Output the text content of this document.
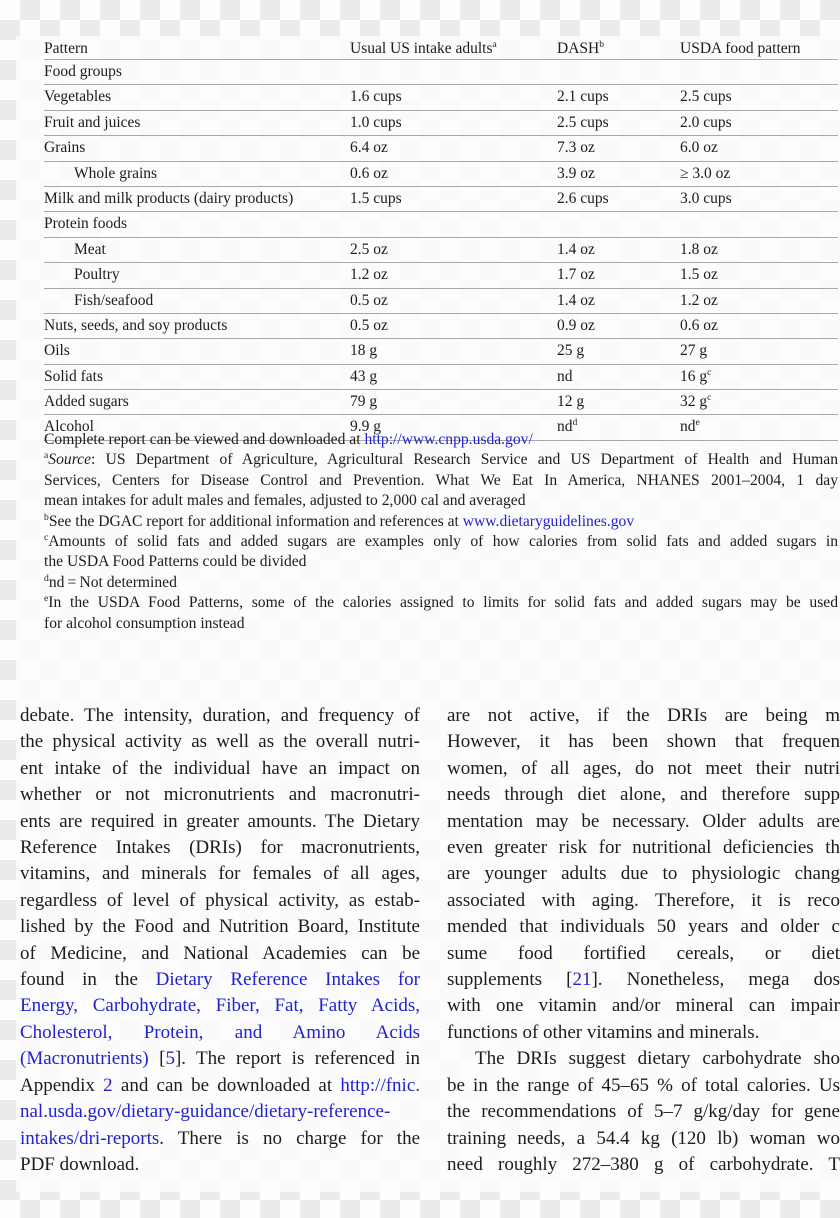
Pattern	Usual US intake adults$^a$	DASH$^b$	USDA food pattern
Food groups
Vegetables	1.6 cups	2.1 cups	2.5 cups
Fruit and juices	1.0 cups	2.5 cups	2.0 cups
Grains	6.4 oz	7.3 oz	6.0 oz
Whole grains	0.6 oz	3.9 oz	≥ 3.0 oz
Milk and milk products (dairy products)	1.5 cups	2.6 cups	3.0 cups
Protein foods
Meat	2.5 oz	1.4 oz	1.8 oz
Poultry	1.2 oz	1.7 oz	1.5 oz
Fish/seafood	0.5 oz	1.4 oz	1.2 oz
Nuts, seeds, and soy products	0.5 oz	0.9 oz	0.6 oz
Oils	18 g	25 g	27 g
Solid fats	43 g	nd	16 $g^c$
Added sugars	79 g	12 g	32 $g^c$
Alcohol	9.9 g	$nd^d$	$nd^e$
Complete report can be viewed and downloaded at http://www.cnpp.usda.gov/
$^a$Source: US Department of Agriculture, Agricultural Research Service and US Department of Health and Human
Services, Centers for Disease Control and Prevention. What We Eat In America, NHANES 2001–2004, 1 day
mean intakes for adult males and females, adjusted to 2,000 cal and averaged
$^b$See the DGAC report for additional information and references at www.dietaryguidelines.gov
$^c$Amounts of solid fats and added sugars are examples only of how calories from solid fats and added sugars in
the USDA Food Patterns could be divided
$^d$nd = Not determined
$^e$In the USDA Food Patterns, some of the calories assigned to limits for solid fats and added sugars may be used
for alcohol consumption instead
debate. The intensity, duration, and frequency of
the physical activity as well as the overall nutri-
ent intake of the individual have an impact on
whether or not micronutrients and macronutri-
ents are required in greater amounts. The Dietary
Reference Intakes (DRIs) for macronutrients,
vitamins, and minerals for females of all ages,
regardless of level of physical activity, as estab-
lished by the Food and Nutrition Board, Institute
of Medicine, and National Academies can be
found in the Dietary Reference Intakes for
Energy, Carbohydrate, Fiber, Fat, Fatty Acids,
Cholesterol, Protein, and Amino Acids
(Macronutrients) [5]. The report is referenced in
Appendix 2 and can be downloaded at http://fnic.
nal.usda.gov/dietary-guidance/dietary-reference-
intakes/dri-reports. There is no charge for the
PDF download.
are not active, if the DRIs are being m
However, it has been shown that frequen
women, of all ages, do not meet their nutri
needs through diet alone, and therefore supp
mentation may be necessary. Older adults are
even greater risk for nutritional deficiencies th
are younger adults due to physiologic chang
associated with aging. Therefore, it is reco
mended that individuals 50 years and older c
sume food fortified cereals, or diet
supplements [21]. Nonetheless, mega dos
with one vitamin and/or mineral can impair
functions of other vitamins and minerals.
The DRIs suggest dietary carbohydrate sho
be in the range of 45–65 % of total calories. Us
the recommendations of 5–7 g/kg/day for gene
training needs, a 54.4 kg (120 lb) woman wo
need roughly 272–380 g of carbohydrate. T
